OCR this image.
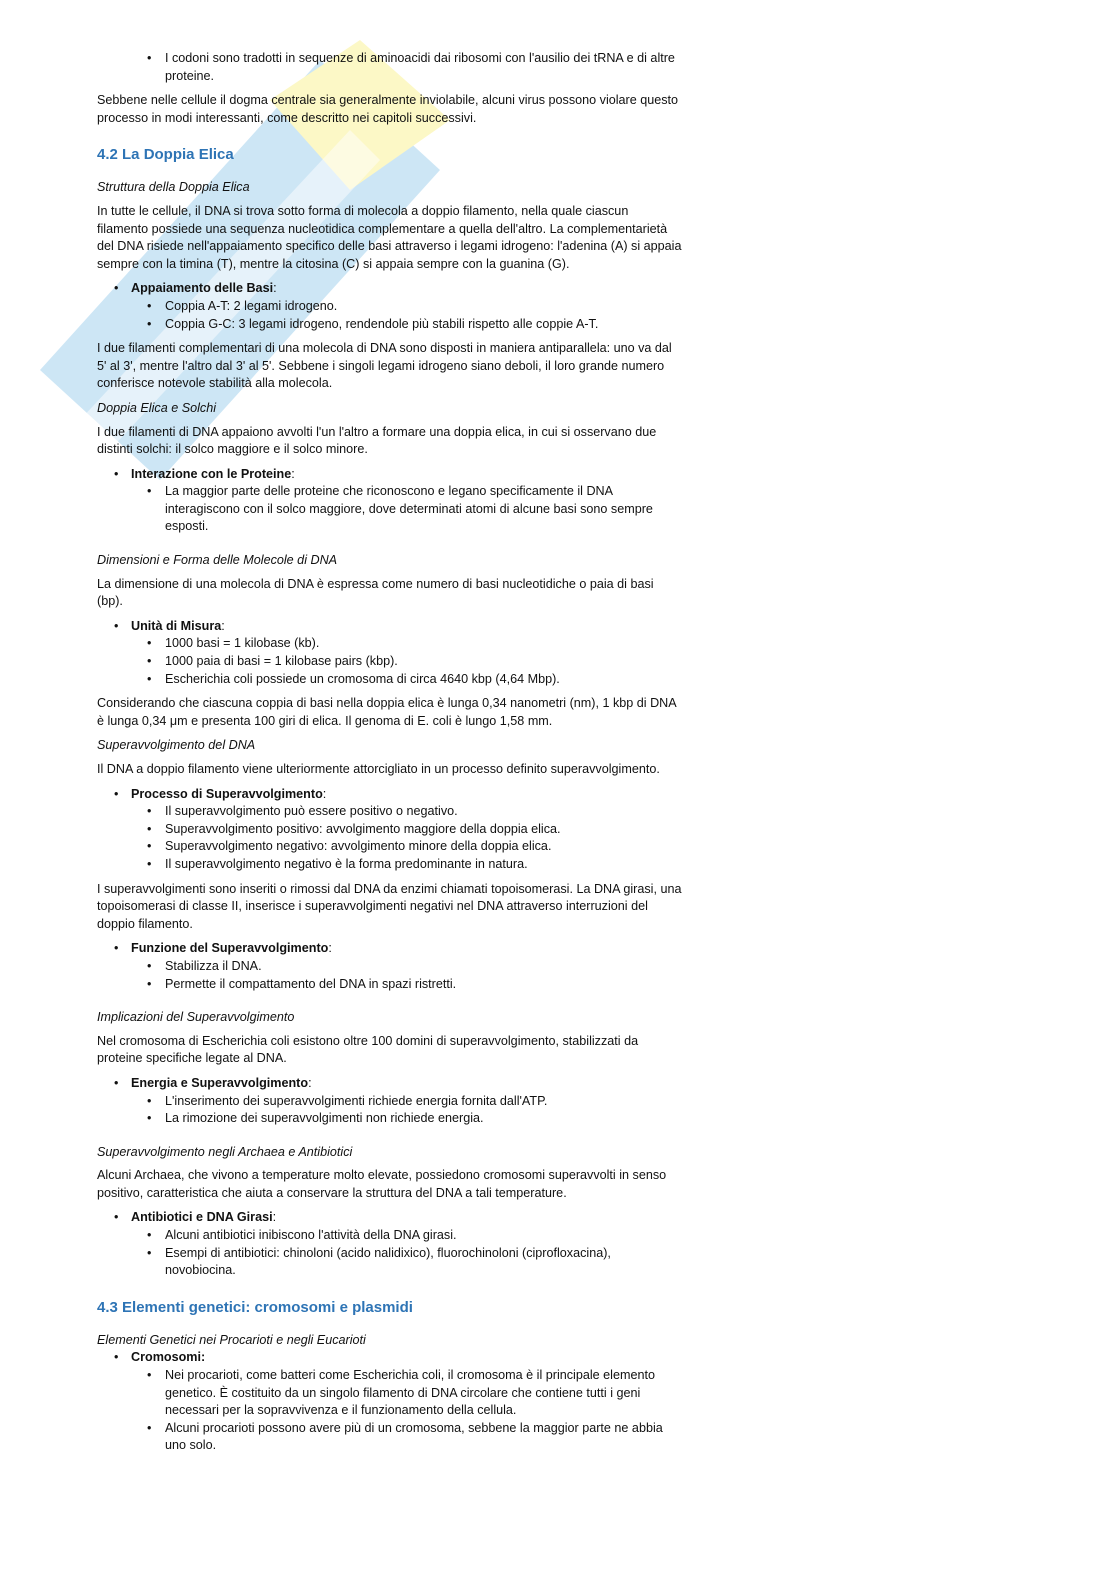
• I codoni sono tradotti in sequenze di aminoacidi dai ribosomi con l'ausilio dei tRNA e di altre proteine.

Sebbene nelle cellule il dogma centrale sia generalmente inviolabile, alcuni virus possono violare questo processo in modi interessanti, come descritto nei capitoli successivi.

4.2 La Doppia Elica
Struttura della Doppia Elica

In tutte le cellule, il DNA si trova sotto forma di molecola a doppio filamento, nella quale ciascun filamento possiede una sequenza nucleotidica complementare a quella dell'altro. La complementarietà del DNA risiede nell'appaiamento specifico delle basi attraverso i legami idrogeno: l'adenina (A) si appaia sempre con la timina (T), mentre la citosina (C) si appaia sempre con la guanina (G).

• Appaiamento delle Basi:
• Coppia A-T: 2 legami idrogeno.
• Coppia G-C: 3 legami idrogeno, rendendole più stabili rispetto alle coppie A-T.

I due filamenti complementari di una molecola di DNA sono disposti in maniera antiparallela: uno va dal 5' al 3', mentre l'altro dal 3' al 5'. Sebbene i singoli legami idrogeno siano deboli, il loro grande numero conferisce notevole stabilità alla molecola.

Doppia Elica e Solchi

I due filamenti di DNA appaiono avvolti l'un l'altro a formare una doppia elica, in cui si osservano due distinti solchi: il solco maggiore e il solco minore.

• Interazione con le Proteine:
• La maggior parte delle proteine che riconoscono e legano specificamente il DNA interagiscono con il solco maggiore, dove determinati atomi di alcune basi sono sempre esposti.
Dimensioni e Forma delle Molecole di DNA

La dimensione di una molecola di DNA è espressa come numero di basi nucleotidiche o paia di basi (bp).

• Unità di Misura:
• 1000 basi = 1 kilobase (kb).
• 1000 paia di basi = 1 kilobase pairs (kbp).
• Escherichia coli possiede un cromosoma di circa 4640 kbp (4,64 Mbp).

Considerando che ciascuna coppia di basi nella doppia elica è lunga 0,34 nanometri (nm), 1 kbp di DNA è lunga 0,34 μm e presenta 100 giri di elica. Il genoma di E. coli è lungo 1,58 mm.

Superavvolgimento del DNA

Il DNA a doppio filamento viene ulteriormente attorcigliato in un processo definito superavvolgimento.

• Processo di Superavvolgimento:
• Il superavvolgimento può essere positivo o negativo.
• Superavvolgimento positivo: avvolgimento maggiore della doppia elica.
• Superavvolgimento negativo: avvolgimento minore della doppia elica.
• Il superavvolgimento negativo è la forma predominante in natura.

I superavvolgimenti sono inseriti o rimossi dal DNA da enzimi chiamati topoisomerasi. La DNA girasi, una topoisomerasi di classe II, inserisce i superavvolgimenti negativi nel DNA attraverso interruzioni del doppio filamento.

• Funzione del Superavvolgimento:
• Stabilizza il DNA.
• Permette il compattamento del DNA in spazi ristretti.
Implicazioni del Superavvolgimento

Nel cromosoma di Escherichia coli esistono oltre 100 domini di superavvolgimento, stabilizzati da proteine specifiche legate al DNA.

• Energia e Superavvolgimento:
• L'inserimento dei superavvolgimenti richiede energia fornita dall'ATP.
• La rimozione dei superavvolgimenti non richiede energia.
Superavvolgimento negli Archaea e Antibiotici

Alcuni Archaea, che vivono a temperature molto elevate, possiedono cromosomi superavvolti in senso positivo, caratteristica che aiuta a conservare la struttura del DNA a tali temperature.

• Antibiotici e DNA Girasi:
• Alcuni antibiotici inibiscono l'attività della DNA girasi.
• Esempi di antibiotici: chinoloni (acido nalidixico), fluorochinoloni (ciprofloxacina), novobiocina.
4.3 Elementi genetici: cromosomi e plasmidi
Elementi Genetici nei Procarioti e negli Eucarioti
• Cromosomi:
• Nei procarioti, come batteri come Escherichia coli, il cromosoma è il principale elemento genetico. È costituito da un singolo filamento di DNA circolare che contiene tutti i geni necessari per la sopravvivenza e il funzionamento della cellula.
• Alcuni procarioti possono avere più di un cromosoma, sebbene la maggior parte ne abbia uno solo.
